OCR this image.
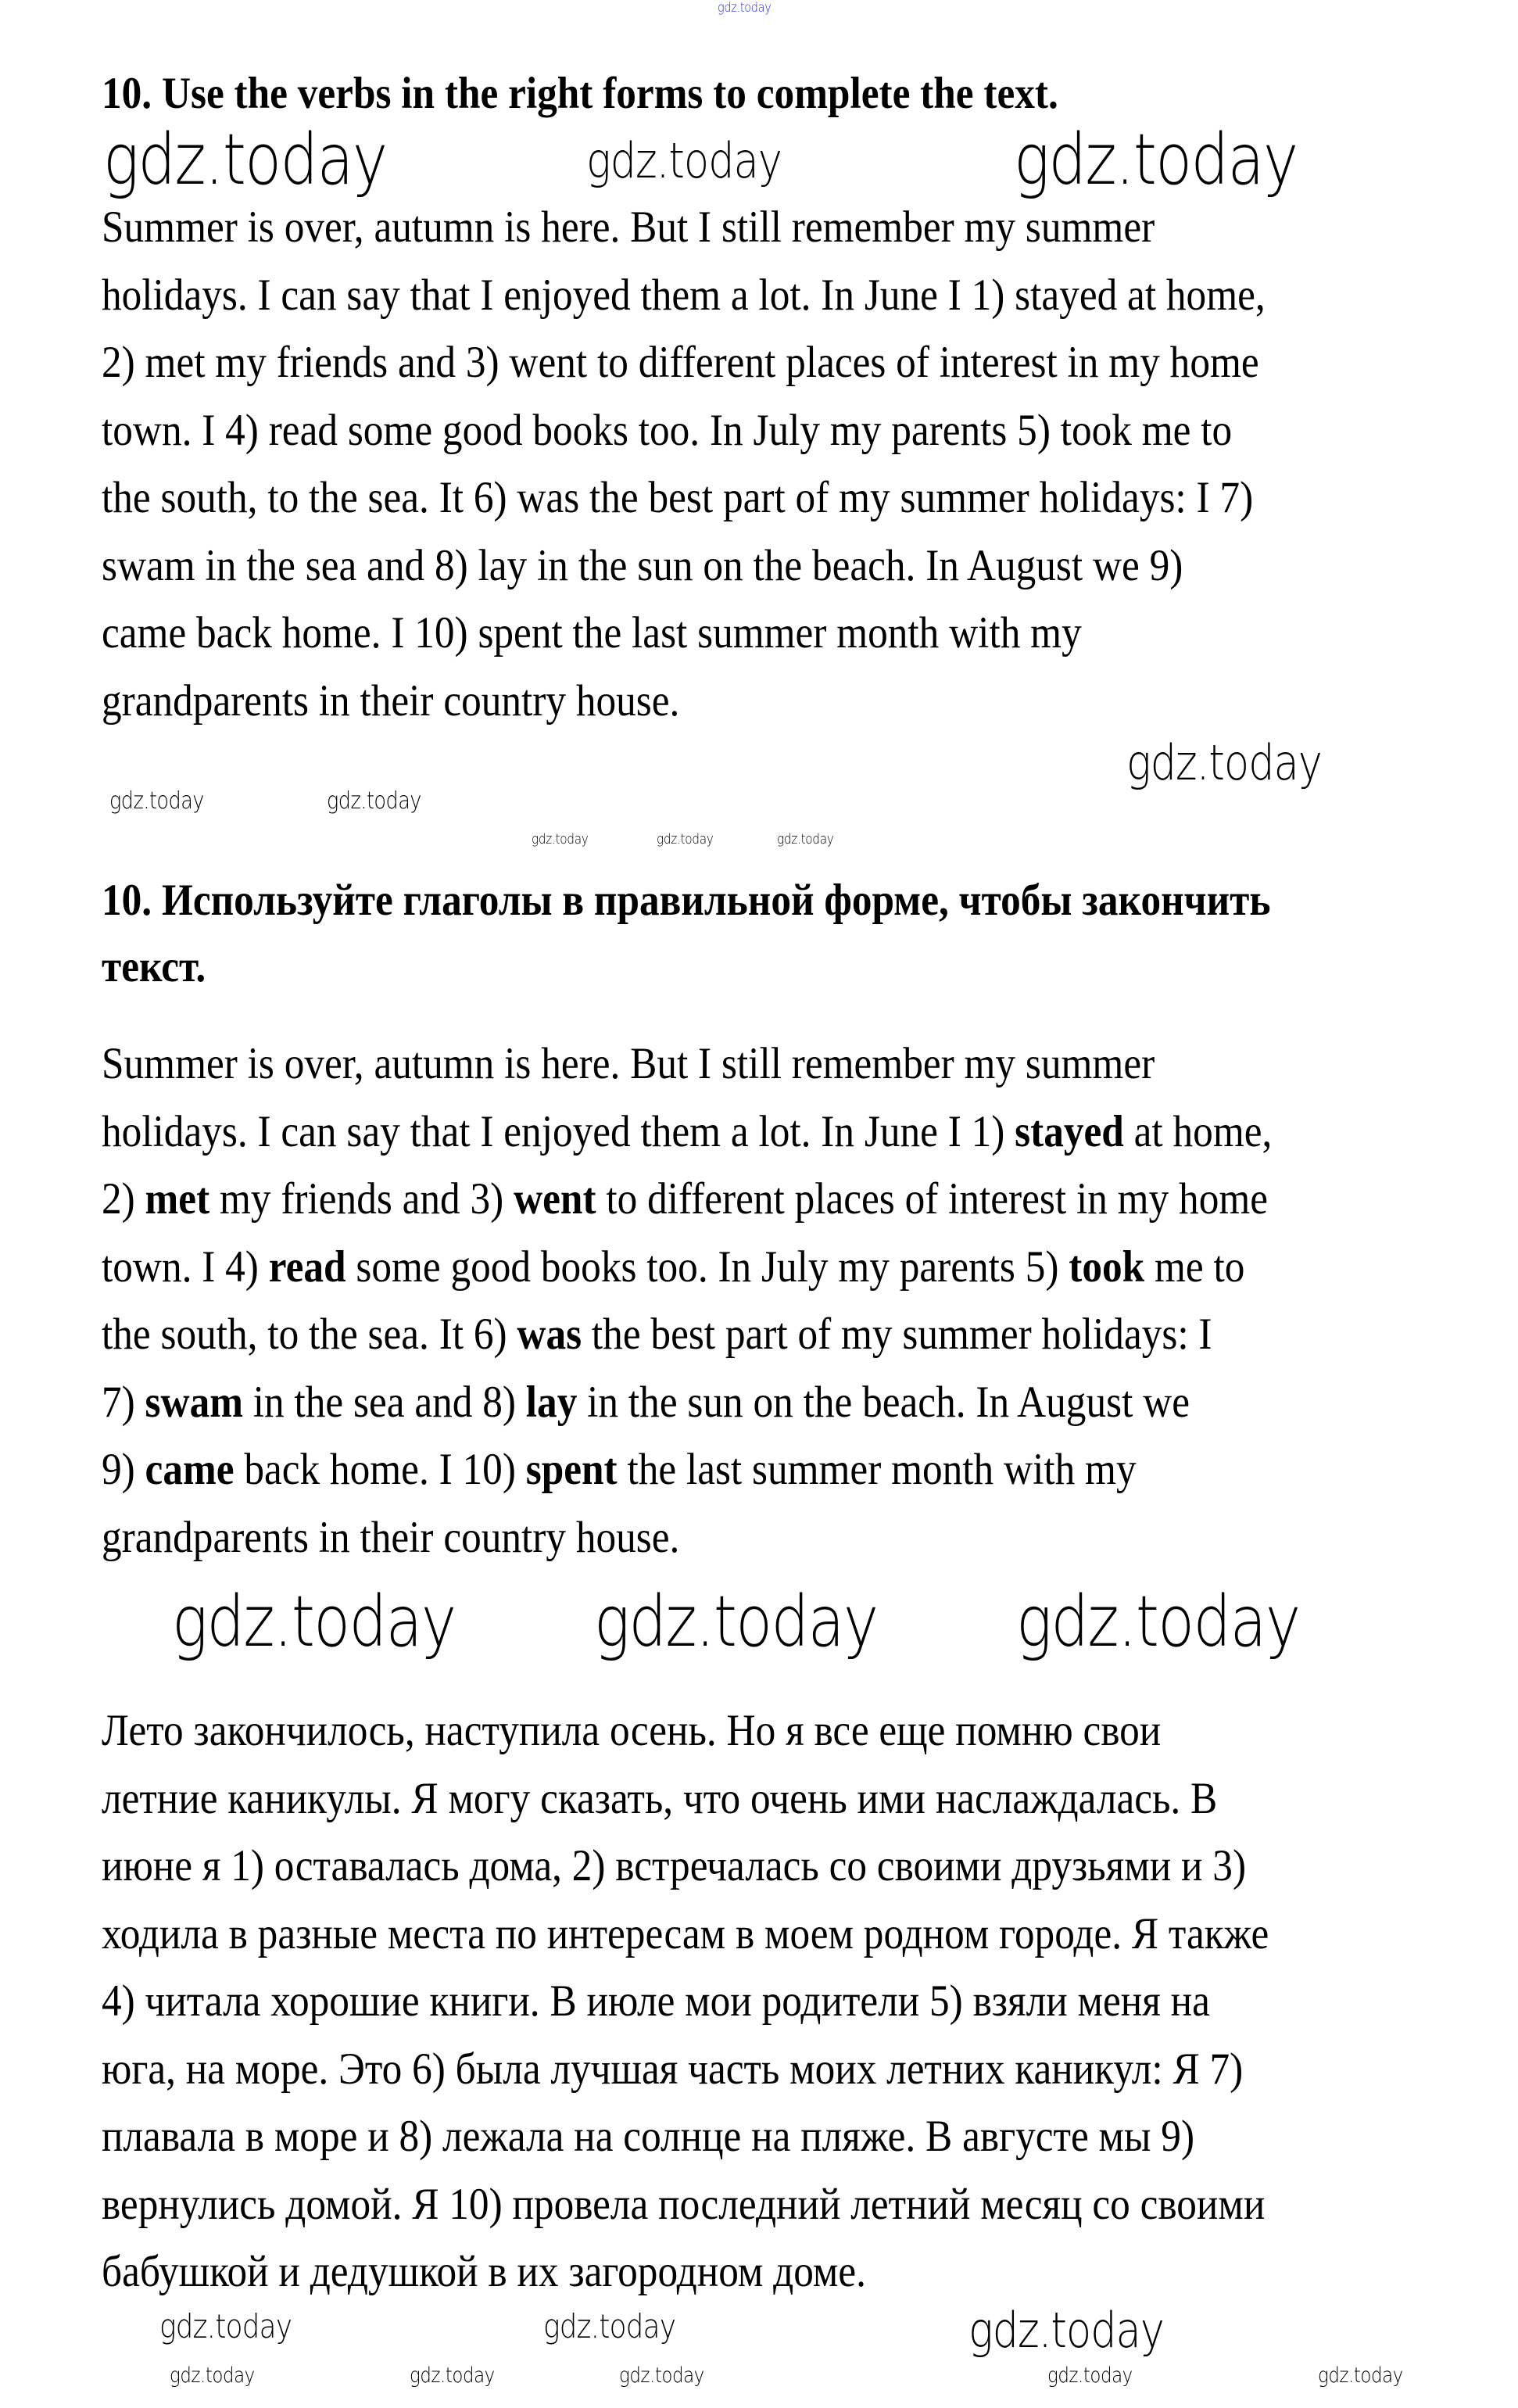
10. Use the verbs in the right forms to complete the text.
Summer is over, autumn is here. But I still remember my summer
holidays. I can say that I enjoyed them a lot. In June I 1) stayed at home,
2) met my friends and 3) went to different places of interest in my home
town. I 4) read some good books too. In July my parents 5) took me to
the south, to the sea. It 6) was the best part of my summer holidays: I 7)
swam in the sea and 8) lay in the sun on the beach. In August we 9)
came back home. I 10) spent the last summer month with my
grandparents in their country house.
10. Используйте глаголы в правильной форме, чтобы закончить
текст.
Summer is over, autumn is here. But I still remember my summer
holidays. I can say that I enjoyed them a lot. In June I 1) stayed at home,
2) met my friends and 3) went to different places of interest in my home
town. I 4) read some good books too. In July my parents 5) took me to
the south, to the sea. It 6) was the best part of my summer holidays: I
7) swam in the sea and 8) lay in the sun on the beach. In August we
9) came back home. I 10) spent the last summer month with my
grandparents in their country house.
Лето закончилось, наступила осень. Но я все еще помню свои
летние каникулы. Я могу сказать, что очень ими наслаждалась. В
июне я 1) оставалась дома, 2) встречалась со своими друзьями и 3)
ходила в разные места по интересам в моем родном городе. Я также
4) читала хорошие книги. В июле мои родители 5) взяли меня на
юга, на море. Это 6) была лучшая часть моих летних каникул: Я 7)
плавала в море и 8) лежала на солнце на пляже. В августе мы 9)
вернулись домой. Я 10) провела последний летний месяц со своими
бабушкой и дедушкой в их загородном доме.
gdz.today
gdz.today	gdz.today	gdz.today
gdz.today
gdz.today	gdz.today
gdz.today	gdz.today	gdz.today
gdz.today gdz.today gdz.today
gdz.today	gdz.today	gdz.today
gdz.today	gdz.today	gdz.today	gdz.today	gdz.today
